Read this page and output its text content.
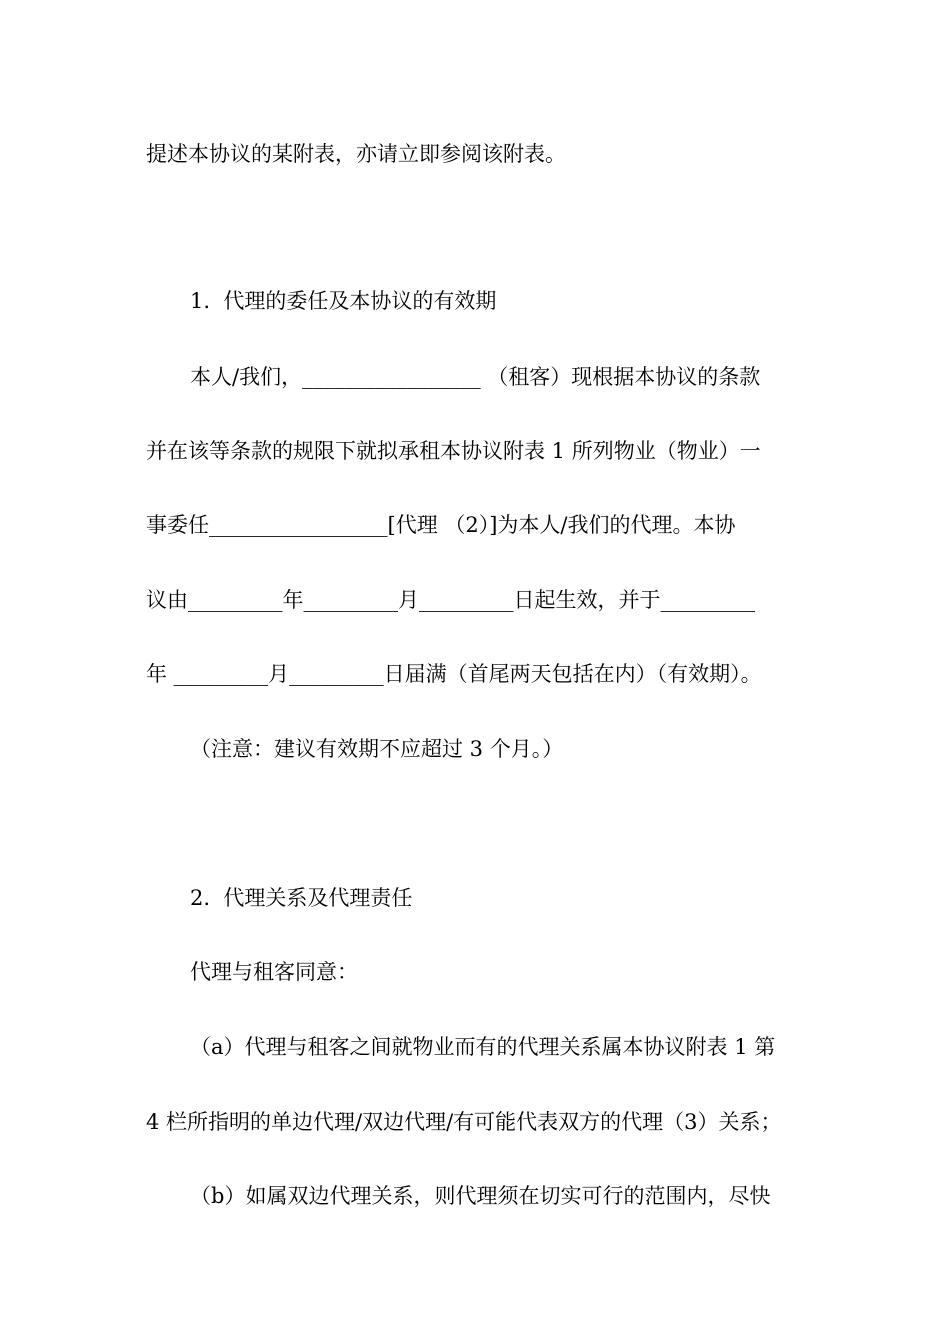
提述本协议的某附表，亦请立即参阅该附表。

1.  代理的委任及本协议的有效期

本人/我们，_________________ （租客）现根据本协议的条款

并在该等条款的规限下就拟承租本协议附表 1 所列物业（物业）一

事委任_________________[代理 （2）]为本人/我们的代理。本协

议由_________年_________月_________日起生效，并于_________

年 _________月_________日届满（首尾两天包括在内）（有效期）。

（注意：建议有效期不应超过 3 个月。）

2.  代理关系及代理责任

代理与租客同意：

（a）代理与租客之间就物业而有的代理关系属本协议附表 1 第

4 栏所指明的单边代理/双边代理/有可能代表双方的代理（3）关系；

（b）如属双边代理关系，则代理须在切实可行的范围内，尽快
